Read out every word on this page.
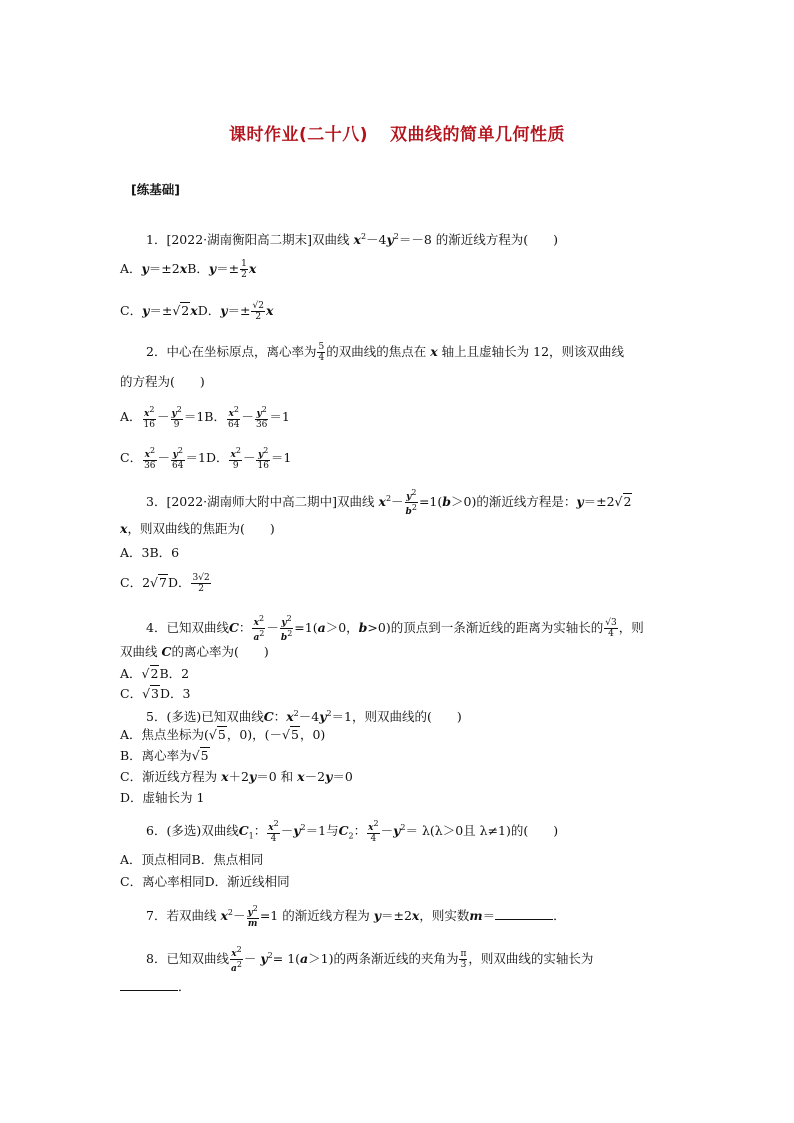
课时作业(二十八) 双曲线的简单几何性质
[练基础]
1．[2022·湖南衡阳高二期末]双曲线 $x^2-4y^2=-8$ 的渐近线方程为(　　)
A．y＝±2xB．$y=\pm \frac{1}{2}$ x
C．y＝±√2xD．$y=\pm \frac{√2}{2}$ x
2．中心在坐标原点，离心率为 $\frac{5}{4}$ 的双曲线的焦点在 x 轴上且虚轴长为 12，则该双曲线
的方程为(　　)
A． $\frac{x^2}{16} - \frac{y^2}{9} =1B$． $\frac{x^2}{64} - \frac{y^2}{36} =1$
C． $\frac{x^2}{36} - \frac{y^2}{64} =1D$． $\frac{x^2}{9} - \frac{y^2}{16} =1$
3．[2022·湖南师大附中高二期中]双曲线 $x^2- \frac{y^2}{b^2} =1(b>0)$的渐近线方程是：y＝±2√2
x，则双曲线的焦距为(　　)
A．3B．6
C．2√7D． $\frac{3√2}{2}$
4．已知双曲线C： $\frac{x^2}{a^2} - \frac{y^2}{b^2} =1(a>0$，b>0)的顶点到一条渐近线的距离为实轴长的 $\frac{√3}{4}$ ，则
双曲线 C的离心率为(　　)
A．√2B．2
C．√3D．3
5．(多选)已知双曲线C：$x^2-4y^2=1$，则双曲线的(　　)
A．焦点坐标为(√5，0)，(－√5，0)
B．离心率为√5
C．渐近线方程为 x＋2y＝0 和 x－2y＝0
D．虚轴长为 1
6．(多选)双曲线$C_1$： $\frac{x^2}{4} -y^2=1$与$C_2$： $\frac{x^2}{4} -y^2= \lambda(\lambda>0$且 λ≠1)的(　　)
A．顶点相同B．焦点相同
C．离心率相同D．渐近线相同
7．若双曲线 $x^2- \frac{y^2}{m} =1$ 的渐近线方程为 y＝±2x，则实数m＝	．
8．已知双曲线 $\frac{x^2}{a^2} - y^2= 1(a>1)$的两条渐近线的夹角为 $\frac{\pi}{3}$ ，则双曲线的实轴长为
．
